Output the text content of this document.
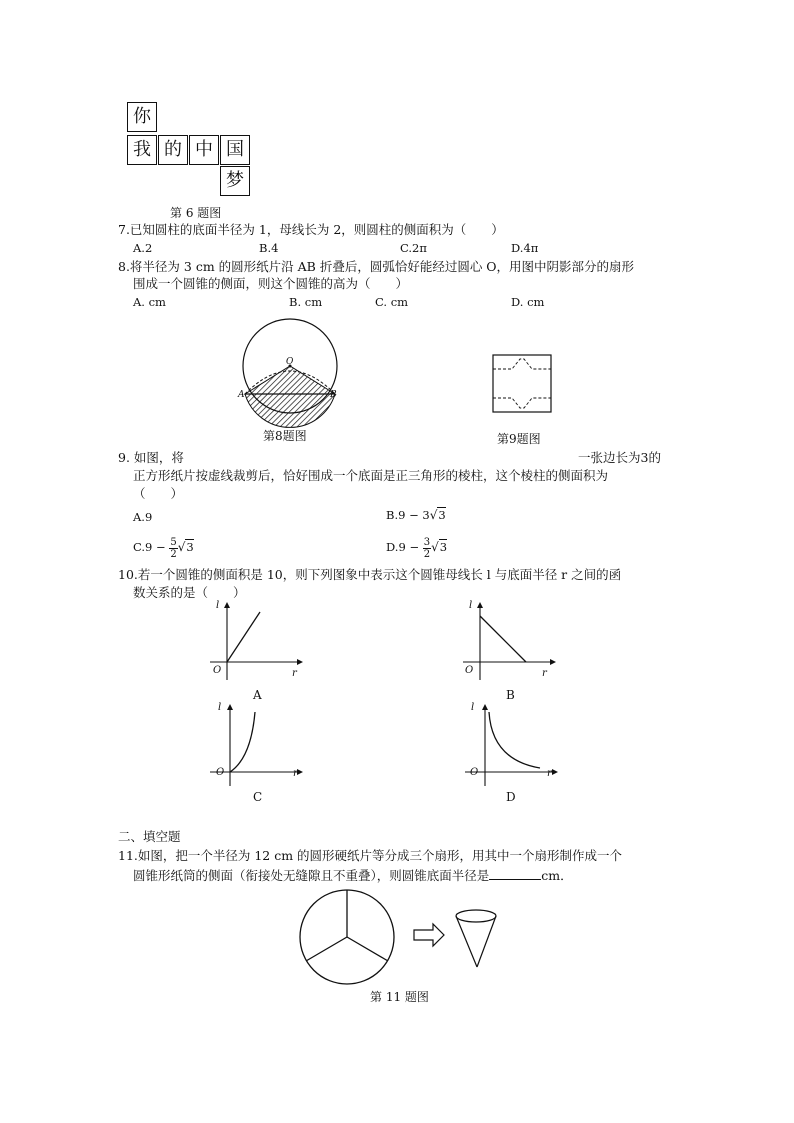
你
我 的 中 国
梦
第 6 题图
7.已知圆柱的底面半径为 1，母线长为 2，则圆柱的侧面积为（　　）
A.2	B.4	C.2π	D.4π
8.将半径为 3 cm 的圆形纸片沿 AB 折叠后，圆弧恰好能经过圆心 O，用图中阴影部分的扇形
围成一个圆锥的侧面，则这个圆锥的高为（　　）
A. cm	B. cm	C. cm	D. cm
O
A	B
第8题图	第9题图
9. 如图，将	一张边长为3的
正方形纸片按虚线裁剪后，恰好围成一个底面是正三角形的棱柱，这个棱柱的侧面积为
（　　）
A.9	B.9 − 3√3
$C.9 - \frac{5}{2} √3$	$D.9 - \frac{3}{2} √3$
10.若一个圆锥的侧面积是 10，则下列图象中表示这个圆锥母线长 l 与底面半径 r 之间的函
数关系的是（　　）
l
r
O
A
l
r
O
B
l
r
O
C
l
r
O
D
二、填空题
11.如图，把一个半径为 12 cm 的圆形硬纸片等分成三个扇形，用其中一个扇形制作成一个
圆锥形纸筒的侧面（衔接处无缝隙且不重叠），则圆锥底面半径是	cm．
第 11 题图
